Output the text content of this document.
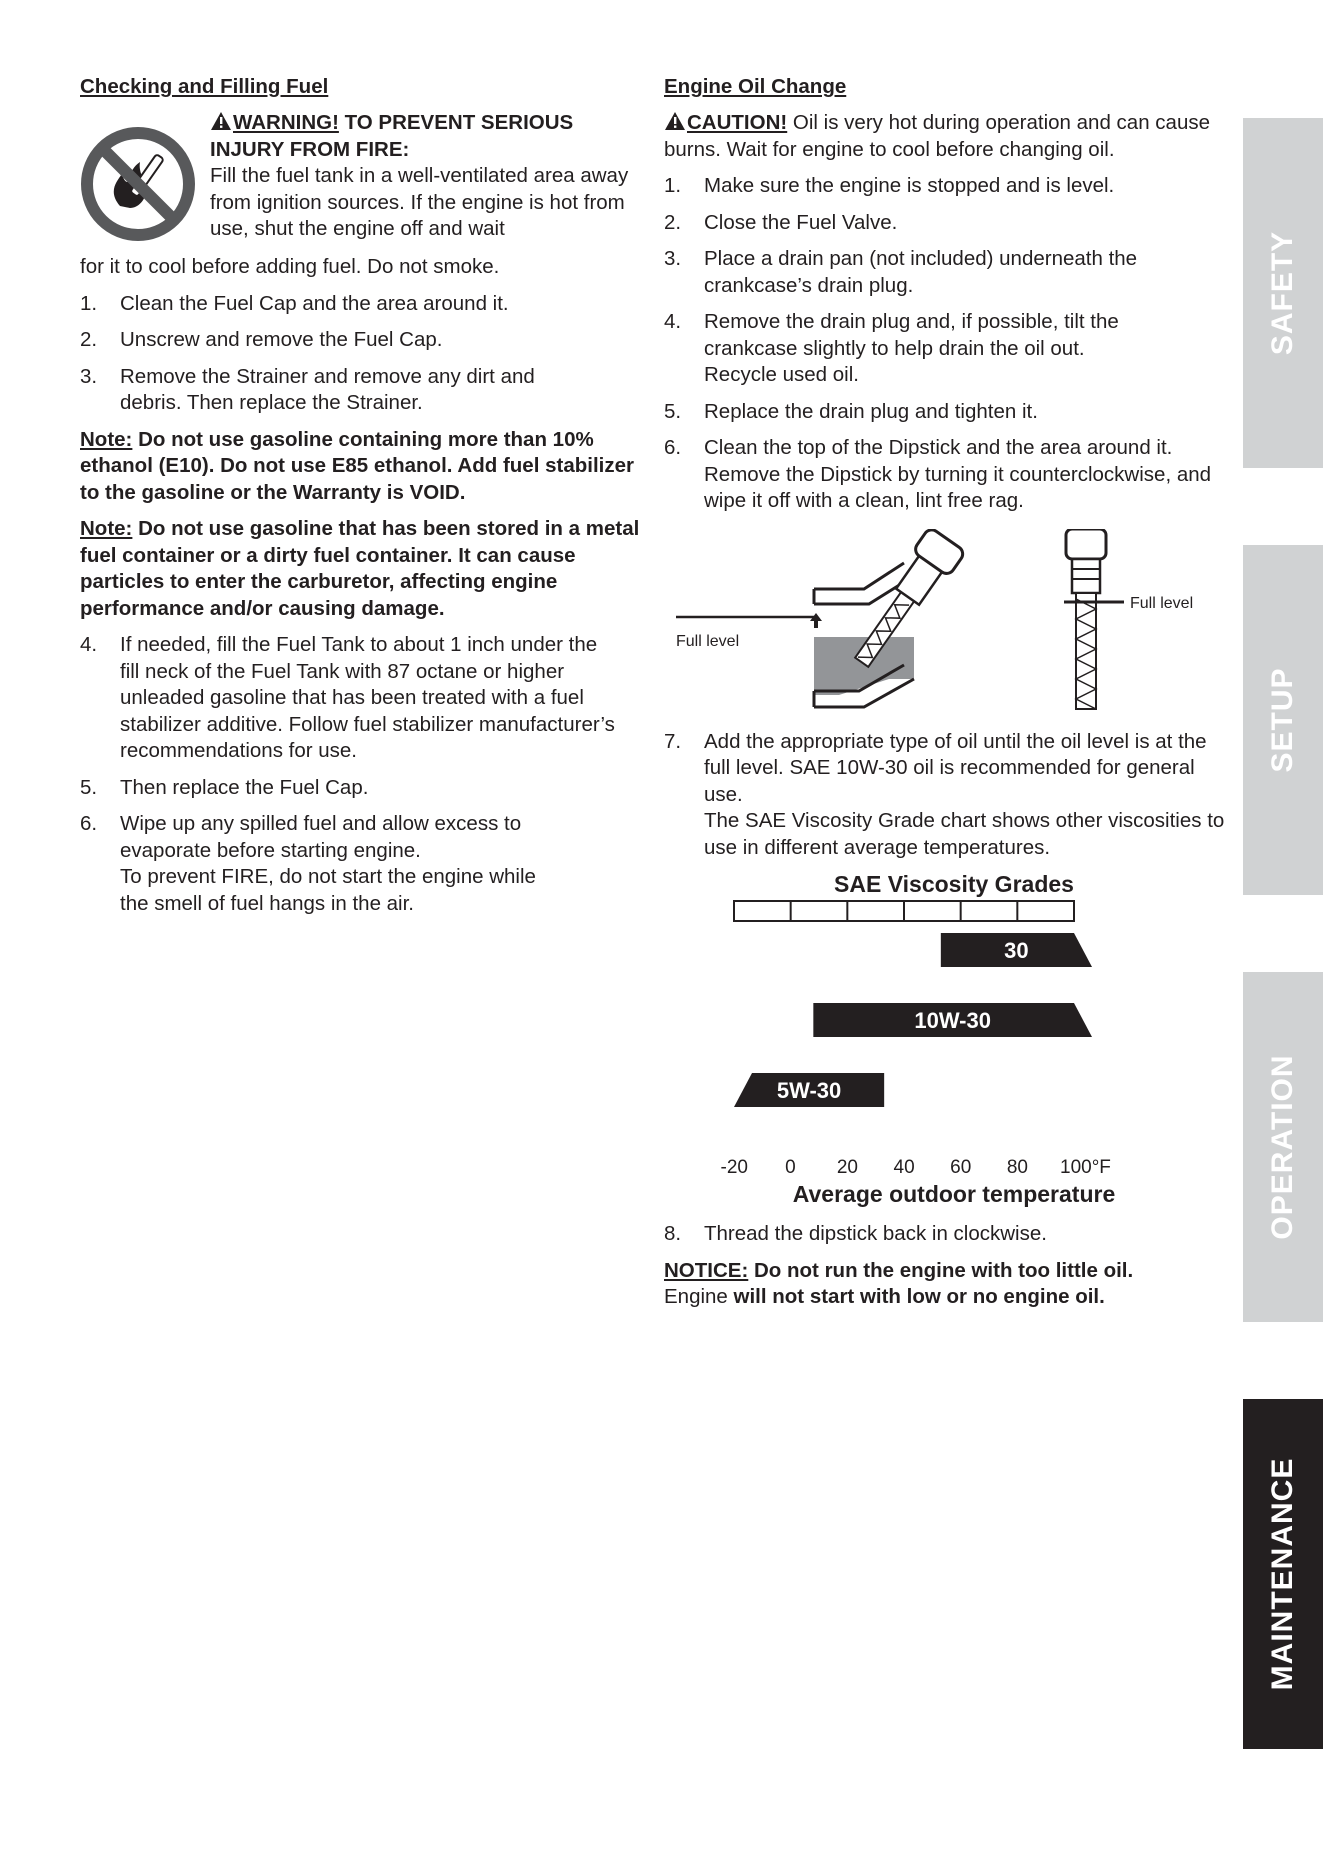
Checking and Filling Fuel
WARNING! TO PREVENT SERIOUS INJURY FROM FIRE:
Fill the fuel tank in a well-ventilated area away from ignition sources. If the engine is hot from use, shut the engine off and wait
for it to cool before adding fuel. Do not smoke.
1. Clean the Fuel Cap and the area around it.
2. Unscrew and remove the Fuel Cap.
3. Remove the Strainer and remove any dirt and debris. Then replace the Strainer.

Note: Do not use gasoline containing more than 10% ethanol (E10). Do not use E85 ethanol. Add fuel stabilizer to the gasoline or the Warranty is VOID.

Note: Do not use gasoline that has been stored in a metal fuel container or a dirty fuel container. It can cause particles to enter the carburetor, affecting engine performance and/or causing damage.

4. If needed, fill the Fuel Tank to about 1 inch under the fill neck of the Fuel Tank with 87 octane or higher unleaded gasoline that has been treated with a fuel stabilizer additive. Follow fuel stabilizer manufacturer’s recommendations for use.
5. Then replace the Fuel Cap.
6. Wipe up any spilled fuel and allow excess to evaporate before starting engine.
To prevent FIRE, do not start the engine while the smell of fuel hangs in the air.
Engine Oil Change

CAUTION! Oil is very hot during operation and can cause burns. Wait for engine to cool before changing oil.

1. Make sure the engine is stopped and is level.
2. Close the Fuel Valve.
3. Place a drain pan (not included) underneath the crankcase’s drain plug.
4. Remove the drain plug and, if possible, tilt the crankcase slightly to help drain the oil out. Recycle used oil.
5. Replace the drain plug and tighten it.
6. Clean the top of the Dipstick and the area around it. Remove the Dipstick by turning it counterclockwise, and wipe it off with a clean, lint free rag.
Full level
Full level
7. Add the appropriate type of oil until the oil level is at the full level. SAE 10W-30 oil is recommended for general use.
The SAE Viscosity Grade chart shows other viscosities to use in different average temperatures.
SAE Viscosity Grades
Average outdoor temperature
30
10W-30
5W-30
-20 0 20 40 60 80 100°F
8. Thread the dipstick back in clockwise.

NOTICE: Do not run the engine with too little oil.
Engine will not start with low or no engine oil.

SAFETY
SETUP
OPERATION
MAINTENANCE
